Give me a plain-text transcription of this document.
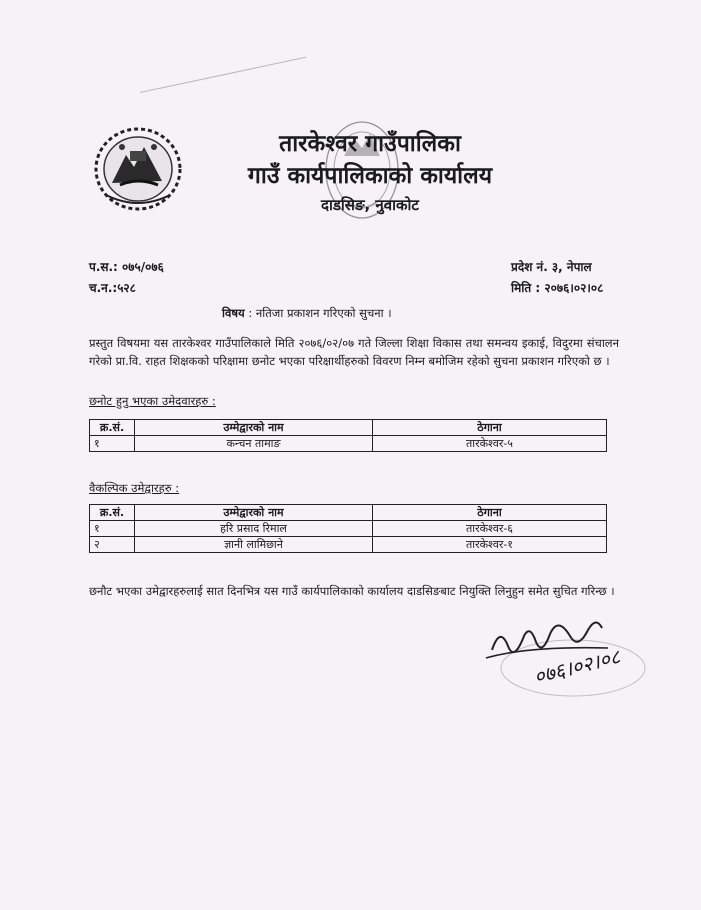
तारकेश्वर गाउँपालिका
गाउँ कार्यपालिकाको कार्यालय
दाडसिङ, नुवाकोट
प.स.: ०७५/०७६
च.न.:५२८
प्रदेश नं. ३, नेपाल
मिति : २०७६।०२।०८
विषय : नतिजा प्रकाशन गरिएको सुचना ।
प्रस्तुत विषयमा यस तारकेश्वर गाउँपालिकाले मिति २०७६/०२/०७ गते जिल्ला शिक्षा विकास तथा समन्वय इकाई, विदुरमा संचालन गरेको प्रा.वि. राहत शिक्षकको परिक्षामा छनोट भएका परिक्षार्थीहरुको विवरण निम्न बमोजिम रहेको सुचना प्रकाशन गरिएको छ ।
छनोट हुनु भएका उमेदवारहरु :
क्र.सं.	उम्मेद्वारको नाम	ठेगाना
१	कन्चन तामाङ	तारकेश्वर-५
वैकल्पिक उमेद्वारहरु :
क्र.सं.	उम्मेद्वारको नाम	ठेगाना
१	हरि प्रसाद रिमाल	तारकेश्वर-६
२	ज्ञानी लामिछाने	तारकेश्वर-१
छनौट भएका उमेद्वारहरुलाई सात दिनभित्र यस गाउँ कार्यपालिकाको कार्यालय दाडसिङबाट नियुक्ति लिनुहुन समेत सुचित गरिन्छ ।
०७६।०२।०८
